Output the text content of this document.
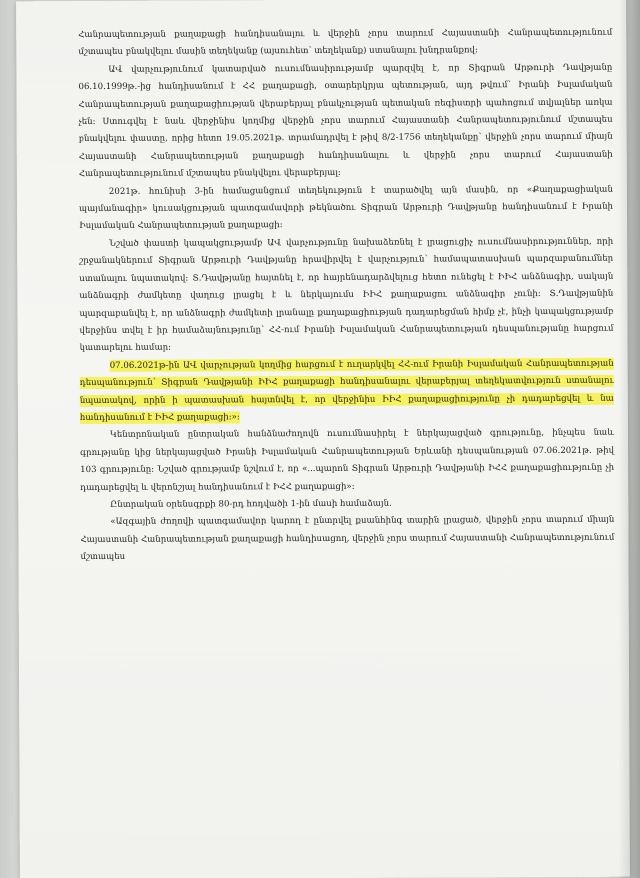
Հանրապետության քաղաքացի հանդիսանալու և վերջին չորս տարում Հայաստանի Հանրապետությունում մշտապես բնակվելու մասին տեղեկանք (այսուհետ՝ տեղեկանք) ստանալու խնդրանքով:

ԱՎ վարչությունում կատարված ուսումնասիրությամբ պարզվել է, որ Տիգրան Արթուրի Դավթյանը 06.10.1999թ.-ից հանդիսանում է ՀՀ քաղաքացի, օտարերկրյա պետության, այդ թվում՝ Իրանի Իսլամական Հանրապետության քաղաքացիության վերաբերյալ բնակչության պետական ռեգիստրի պահոցում տվյալներ առկա չեն: Ստուգվել է նաև վերջինիս կողմից վերջին չորս տարում Հայաստանի Հանրապետությունում մշտապես բնակվելու փաստը, որից հետո 19.05.2021թ. տրամադրվել է թիվ 8/2-1756 տեղեկանքը՝ վերջին չորս տարում միայն Հայաստանի Հանրապետության քաղաքացի հանդիսանալու և վերջին չորս տարում Հայաստանի Հանրապետությունում մշտապես բնակվելու վերաբերյալ:

2021թ. հունիսի 3-ին համացանցում տեղեկություն է տարածվել այն մասին, որ «Քաղաքացիական պայմանագիր» կուսակցության պատգամավորի թեկնածու Տիգրան Արթուրի Դավթյանը հանդիսանում է Իրանի Իսլամական Հանրապետության քաղաքացի:

Նշված փաստի կապակցությամբ ԱՎ վարչությունը նախաձեռնել է լրացուցիչ ուսումնասիրություններ, որի շրջանակներում Տիգրան Արթուրի Դավթյանը հրավիրվել է վարչություն՝ համապատասխան պարզաբանումներ ստանալու նպատակով: Տ.Դավթյանը հայտնել է, որ հայրենադարձվելուց հետո ունեցել է ԻԻՀ անձնագիր, սակայն անձնագրի ժամկետը վաղուց լրացել է և ներկայումս ԻԻՀ քաղաքացու անձնագիր չունի: Տ.Դավթյանին պարզաբանվել է, որ անձնագրի ժամկետի լրանալը քաղաքացիության դադարեցման հիմք չէ, ինչի կապակցությամբ վերջինս տվել է իր համաձայնությունը՝ ՀՀ-ում Իրանի Իսլամական Հանրապետության դեսպանությանը հարցում կատարելու համար:

07.06.2021թ-ին ԱՎ վարչության կողմից հարցում է ուղարկվել ՀՀ-ում Իրանի Իսլամական Հանրապետության դեսպանություն՝ Տիգրան Դավթյանի ԻԻՀ քաղաքացի հանդիսանալու վերաբերյալ տեղեկատվություն ստանալու նպատակով, որին ի պատասխան հայտնվել է, որ վերջինիս ԻԻՀ քաղաքացիությունը չի դադարեցվել և նա հանդիսանում է ԻԻՀ քաղաքացի:»:

Կենտրոնական ընտրական հանձնաժողովն ուսումնասիրել է ներկայացված գրությունը, ինչպես նաև գրությանը կից ներկայացված Իրանի Իսլամական Հանրապետության Երևանի դեսպանության 07.06.2021թ. թիվ 103 գրությունը: Նշված գրությամբ նշվում է, որ «...պարոն Տիգրան Արթուրի Դավթյանի ԻՀՀ քաղաքացիությունը չի դադարեցվել և վերոնշյալ հանդիսանում է ԻՀՀ քաղաքացի»:

Ընտրական օրենսգրքի 80-րդ հոդվածի 1-ին մասի համաձայն.

«Ազգային ժողովի պատգամավոր կարող է ընտրվել քսանհինգ տարին լրացած, վերջին չորս տարում միայն Հայաստանի Հանրապետության քաղաքացի հանդիսացող, վերջին չորս տարում Հայաստանի Հանրապետությունում մշտապես
